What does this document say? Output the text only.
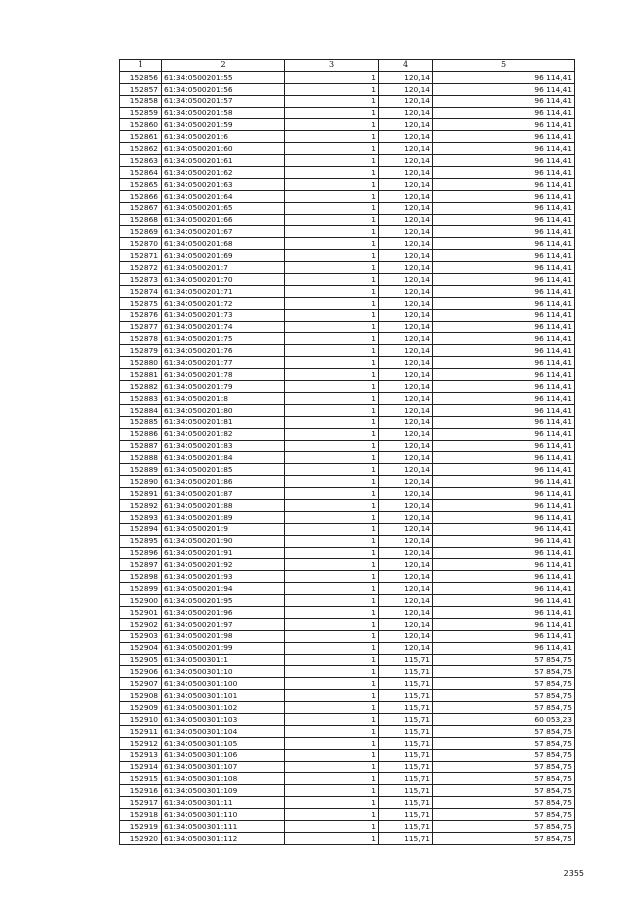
1	2	3	4	5
152856	61:34:0500201:55	1	120,14	96 114,41
152857	61:34:0500201:56	1	120,14	96 114,41
152858	61:34:0500201:57	1	120,14	96 114,41
152859	61:34:0500201:58	1	120,14	96 114,41
152860	61:34:0500201:59	1	120,14	96 114,41
152861	61:34:0500201:6	1	120,14	96 114,41
152862	61:34:0500201:60	1	120,14	96 114,41
152863	61:34:0500201:61	1	120,14	96 114,41
152864	61:34:0500201:62	1	120,14	96 114,41
152865	61:34:0500201:63	1	120,14	96 114,41
152866	61:34:0500201:64	1	120,14	96 114,41
152867	61:34:0500201:65	1	120,14	96 114,41
152868	61:34:0500201:66	1	120,14	96 114,41
152869	61:34:0500201:67	1	120,14	96 114,41
152870	61:34:0500201:68	1	120,14	96 114,41
152871	61:34:0500201:69	1	120,14	96 114,41
152872	61:34:0500201:7	1	120,14	96 114,41
152873	61:34:0500201:70	1	120,14	96 114,41
152874	61:34:0500201:71	1	120,14	96 114,41
152875	61:34:0500201:72	1	120,14	96 114,41
152876	61:34:0500201:73	1	120,14	96 114,41
152877	61:34:0500201:74	1	120,14	96 114,41
152878	61:34:0500201:75	1	120,14	96 114,41
152879	61:34:0500201:76	1	120,14	96 114,41
152880	61:34:0500201:77	1	120,14	96 114,41
152881	61:34:0500201:78	1	120,14	96 114,41
152882	61:34:0500201:79	1	120,14	96 114,41
152883	61:34:0500201:8	1	120,14	96 114,41
152884	61:34:0500201:80	1	120,14	96 114,41
152885	61:34:0500201:81	1	120,14	96 114,41
152886	61:34:0500201:82	1	120,14	96 114,41
152887	61:34:0500201:83	1	120,14	96 114,41
152888	61:34:0500201:84	1	120,14	96 114,41
152889	61:34:0500201:85	1	120,14	96 114,41
152890	61:34:0500201:86	1	120,14	96 114,41
152891	61:34:0500201:87	1	120,14	96 114,41
152892	61:34:0500201:88	1	120,14	96 114,41
152893	61:34:0500201:89	1	120,14	96 114,41
152894	61:34:0500201:9	1	120,14	96 114,41
152895	61:34:0500201:90	1	120,14	96 114,41
152896	61:34:0500201:91	1	120,14	96 114,41
152897	61:34:0500201:92	1	120,14	96 114,41
152898	61:34:0500201:93	1	120,14	96 114,41
152899	61:34:0500201:94	1	120,14	96 114,41
152900	61:34:0500201:95	1	120,14	96 114,41
152901	61:34:0500201:96	1	120,14	96 114,41
152902	61:34:0500201:97	1	120,14	96 114,41
152903	61:34:0500201:98	1	120,14	96 114,41
152904	61:34:0500201:99	1	120,14	96 114,41
152905	61:34:0500301:1	1	115,71	57 854,75
152906	61:34:0500301:10	1	115,71	57 854,75
152907	61:34:0500301:100	1	115,71	57 854,75
152908	61:34:0500301:101	1	115,71	57 854,75
152909	61:34:0500301:102	1	115,71	57 854,75
152910	61:34:0500301:103	1	115,71	60 053,23
152911	61:34:0500301:104	1	115,71	57 854,75
152912	61:34:0500301:105	1	115,71	57 854,75
152913	61:34:0500301:106	1	115,71	57 854,75
152914	61:34:0500301:107	1	115,71	57 854,75
152915	61:34:0500301:108	1	115,71	57 854,75
152916	61:34:0500301:109	1	115,71	57 854,75
152917	61:34:0500301:11	1	115,71	57 854,75
152918	61:34:0500301:110	1	115,71	57 854,75
152919	61:34:0500301:111	1	115,71	57 854,75
152920	61:34:0500301:112	1	115,71	57 854,75
2355
